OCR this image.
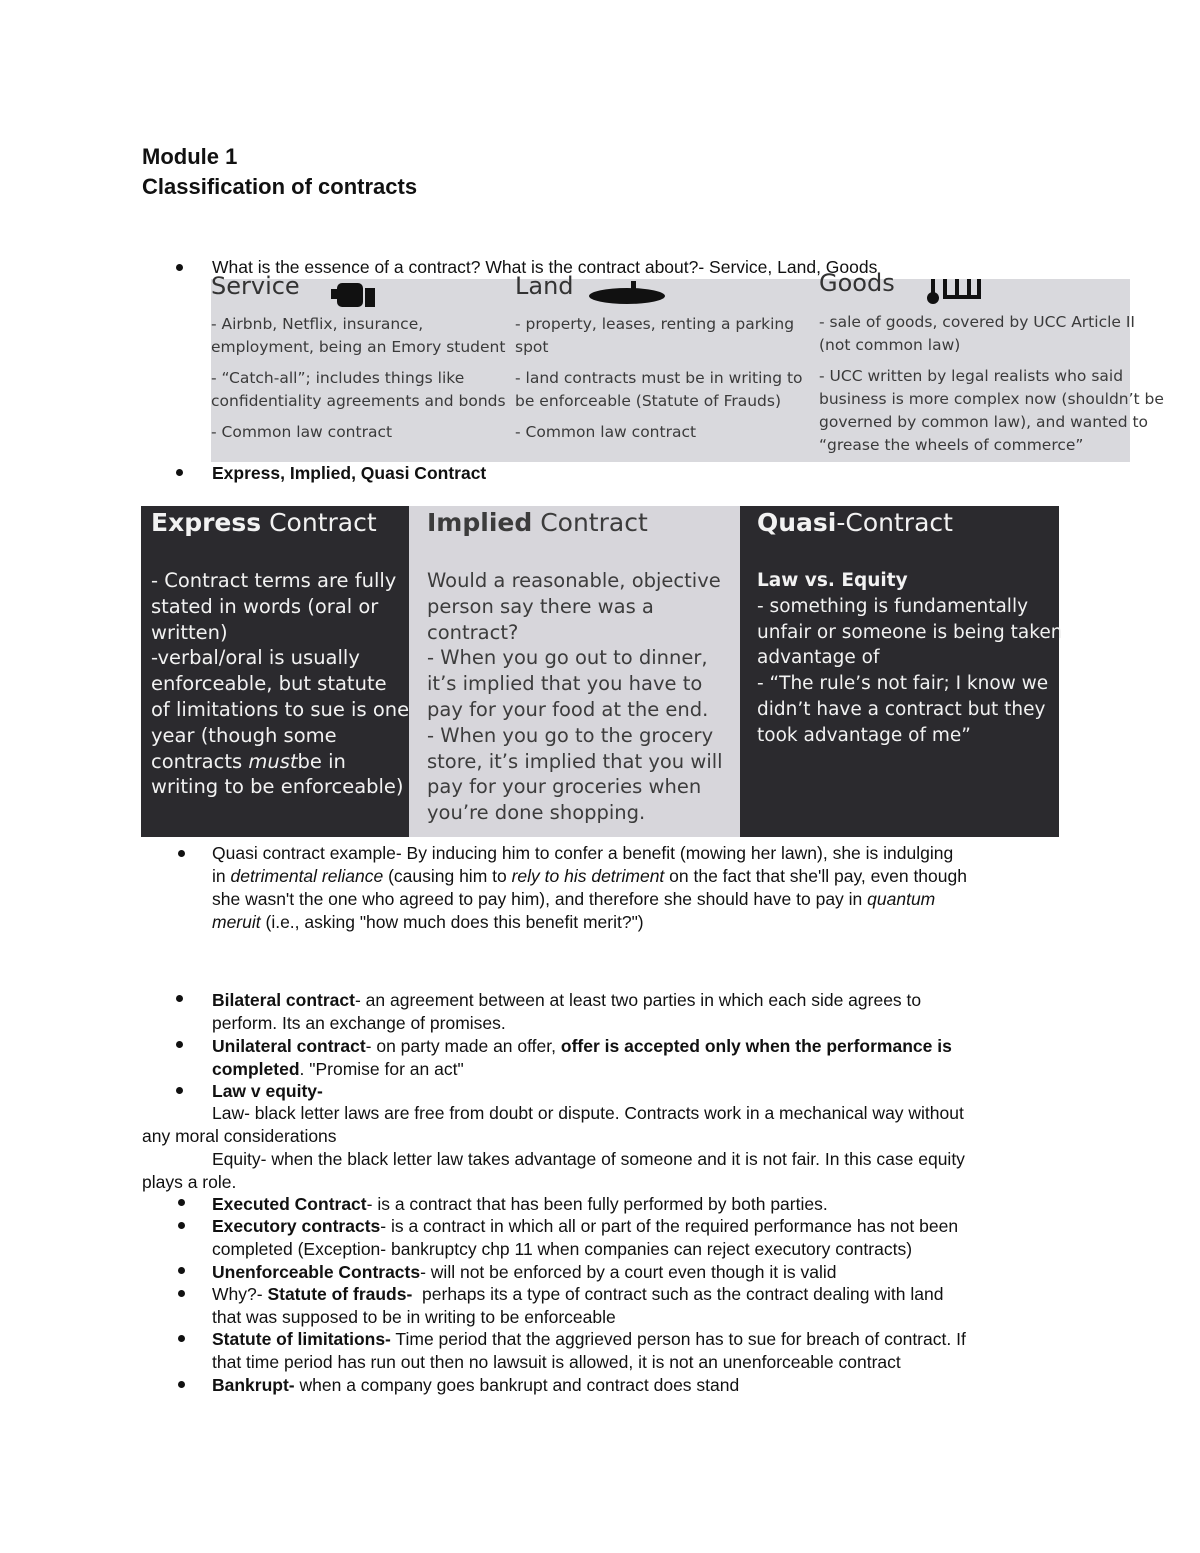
Module 1
Classification of contracts
What is the essence of a contract? What is the contract about?- Service, Land, Goods
Service
- Airbnb, Netflix, insurance,
employment, being an Emory student
- “Catch-all”; includes things like
confidentiality agreements and bonds
- Common law contract
Land
- property, leases, renting a parking
spot
- land contracts must be in writing to
be enforceable (Statute of Frauds)
- Common law contract
Goods
- sale of goods, covered by UCC Article II
(not common law)
- UCC written by legal realists who said
business is more complex now (shouldn’t be
governed by common law), and wanted to
“grease the wheels of commerce”
Express, Implied, Quasi Contract
Express Contract
- Contract terms are fully
stated in words (oral or
written)
-verbal/oral is usually
enforceable, but statute
of limitations to sue is one
year (though some
contracts mustbe in
writing to be enforceable)
Implied Contract
Would a reasonable, objective
person say there was a
contract?
- When you go out to dinner,
it’s implied that you have to
pay for your food at the end.
- When you go to the grocery
store, it’s implied that you will
pay for your groceries when
you’re done shopping.
Quasi-Contract
Law vs. Equity
- something is fundamentally
unfair or someone is being taken
advantage of
- “The rule’s not fair; I know we
didn’t have a contract but they
took advantage of me”
Quasi contract example- By inducing him to confer a benefit (mowing her lawn), she is indulging
in detrimental reliance (causing him to rely to his detriment on the fact that she'll pay, even though
she wasn't the one who agreed to pay him), and therefore she should have to pay in quantum
meruit (i.e., asking "how much does this benefit merit?")
Bilateral contract- an agreement between at least two parties in which each side agrees to
perform. Its an exchange of promises.
Unilateral contract- on party made an offer, offer is accepted only when the performance is
completed. "Promise for an act"
Law v equity-
Law- black letter laws are free from doubt or dispute. Contracts work in a mechanical way without
any moral considerations
Equity- when the black letter law takes advantage of someone and it is not fair. In this case equity
plays a role.
Executed Contract- is a contract that has been fully performed by both parties.
Executory contracts- is a contract in which all or part of the required performance has not been
completed (Exception- bankruptcy chp 11 when companies can reject executory contracts)
Unenforceable Contracts- will not be enforced by a court even though it is valid
Why?- Statute of frauds-  perhaps its a type of contract such as the contract dealing with land
that was supposed to be in writing to be enforceable
Statute of limitations- Time period that the aggrieved person has to sue for breach of contract. If
that time period has run out then no lawsuit is allowed, it is not an unenforceable contract
Bankrupt- when a company goes bankrupt and contract does stand
